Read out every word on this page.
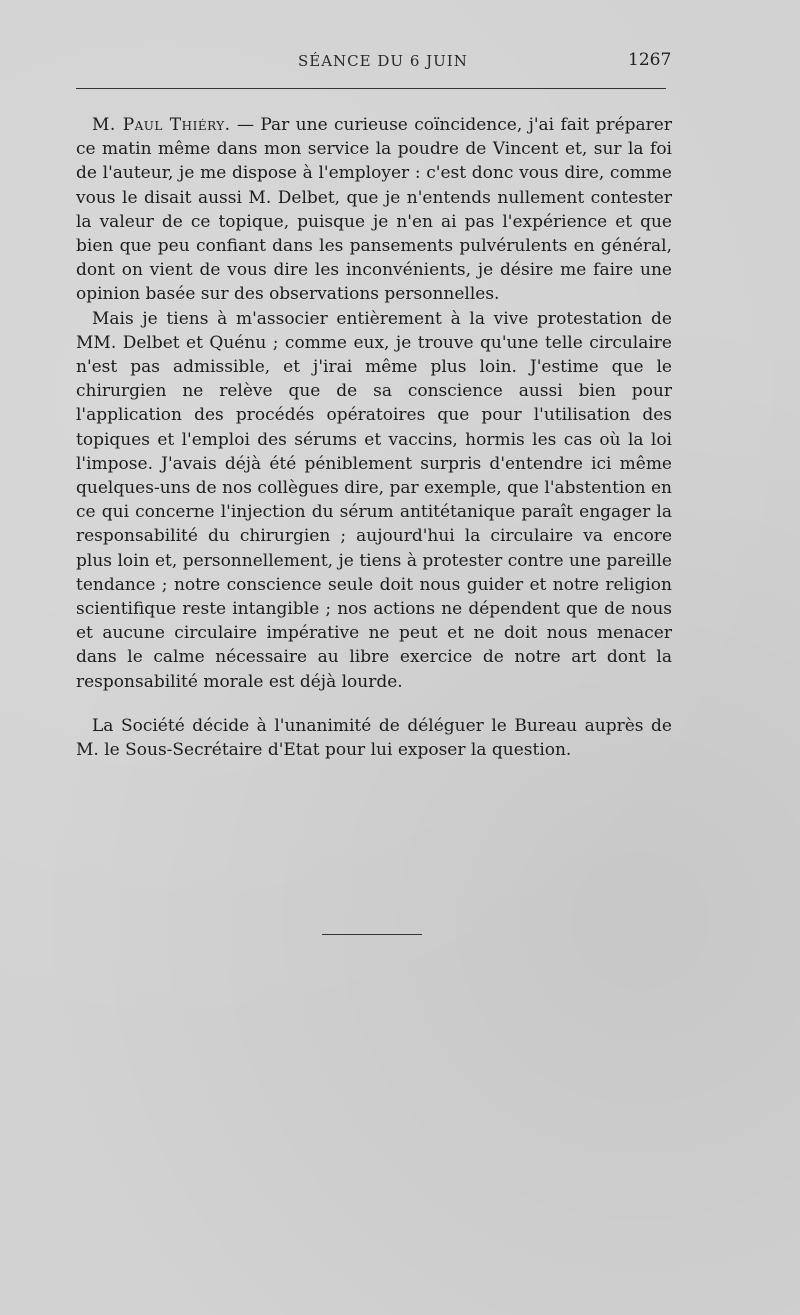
SÉANCE DU 6 JUIN	1267

M. Paul Thiéry. — Par une curieuse coïncidence, j'ai fait préparer ce matin même dans mon service la poudre de Vincent et, sur la foi de l'auteur, je me dispose à l'employer : c'est donc vous dire, comme vous le disait aussi M. Delbet, que je n'entends nullement contester la valeur de ce topique, puisque je n'en ai pas l'expérience et que bien que peu confiant dans les pansements pulvérulents en général, dont on vient de vous dire les inconvénients, je désire me faire une opinion basée sur des observations personnelles.

Mais je tiens à m'associer entièrement à la vive protestation de MM. Delbet et Quénu ; comme eux, je trouve qu'une telle circulaire n'est pas admissible, et j'irai même plus loin. J'estime que le chirurgien ne relève que de sa conscience aussi bien pour l'application des procédés opératoires que pour l'utilisation des topiques et l'emploi des sérums et vaccins, hormis les cas où la loi l'impose. J'avais déjà été péniblement surpris d'entendre ici même quelques-uns de nos collègues dire, par exemple, que l'abstention en ce qui concerne l'injection du sérum antitétanique paraît engager la responsabilité du chirurgien ; aujourd'hui la circulaire va encore plus loin et, personnellement, je tiens à protester contre une pareille tendance ; notre conscience seule doit nous guider et notre religion scientifique reste intangible ; nos actions ne dépendent que de nous et aucune circulaire impérative ne peut et ne doit nous menacer dans le calme nécessaire au libre exercice de notre art dont la responsabilité morale est déjà lourde.

La Société décide à l'unanimité de déléguer le Bureau auprès de M. le Sous-Secrétaire d'Etat pour lui exposer la question.
